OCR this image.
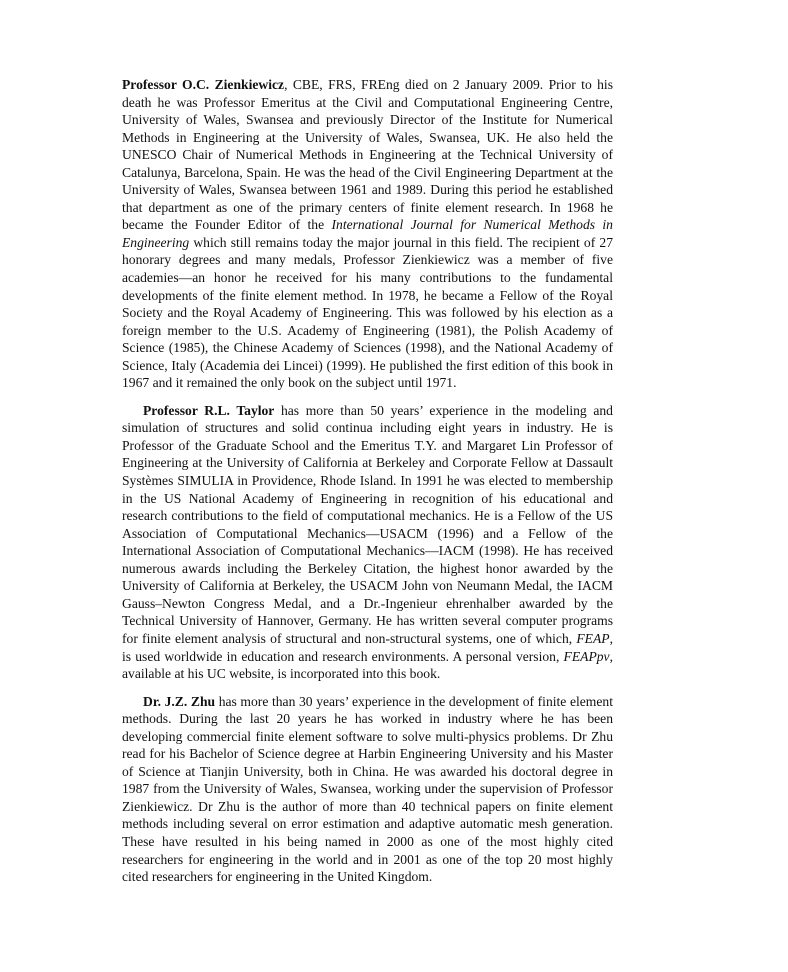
Professor O.C. Zienkiewicz, CBE, FRS, FREng died on 2 January 2009. Prior to his death he was Professor Emeritus at the Civil and Computational Engineering Centre, University of Wales, Swansea and previously Director of the Institute for Numerical Methods in Engineering at the University of Wales, Swansea, UK. He also held the UNESCO Chair of Numerical Methods in Engineering at the Technical University of Catalunya, Barcelona, Spain. He was the head of the Civil Engineering Department at the University of Wales, Swansea between 1961 and 1989. During this period he established that department as one of the primary centers of finite element research. In 1968 he became the Founder Editor of the International Journal for Numerical Methods in Engineering which still remains today the major journal in this field. The recipient of 27 honorary degrees and many medals, Professor Zienkiewicz was a member of five academies—an honor he received for his many contributions to the fundamental developments of the finite element method. In 1978, he became a Fellow of the Royal Society and the Royal Academy of Engineering. This was followed by his election as a foreign member to the U.S. Academy of Engineering (1981), the Polish Academy of Science (1985), the Chinese Academy of Sciences (1998), and the National Academy of Science, Italy (Academia dei Lincei) (1999). He published the first edition of this book in 1967 and it remained the only book on the subject until 1971.

Professor R.L. Taylor has more than 50 years’ experience in the modeling and simulation of structures and solid continua including eight years in industry. He is Professor of the Graduate School and the Emeritus T.Y. and Margaret Lin Professor of Engineering at the University of California at Berkeley and Corporate Fellow at Dassault Systèmes SIMULIA in Providence, Rhode Island. In 1991 he was elected to membership in the US National Academy of Engineering in recognition of his educational and research contributions to the field of computational mechanics. He is a Fellow of the US Association of Computational Mechanics—USACM (1996) and a Fellow of the International Association of Computational Mechanics—IACM (1998). He has received numerous awards including the Berkeley Citation, the highest honor awarded by the University of California at Berkeley, the USACM John von Neumann Medal, the IACM Gauss–Newton Congress Medal, and a Dr.-Ingenieur ehrenhalber awarded by the Technical University of Hannover, Germany. He has written several computer programs for finite element analysis of structural and non-structural systems, one of which, FEAP, is used worldwide in education and research environments. A personal version, FEAPpv, available at his UC website, is incorporated into this book.

Dr. J.Z. Zhu has more than 30 years’ experience in the development of finite element methods. During the last 20 years he has worked in industry where he has been developing commercial finite element software to solve multi-physics problems. Dr Zhu read for his Bachelor of Science degree at Harbin Engineering University and his Master of Science at Tianjin University, both in China. He was awarded his doctoral degree in 1987 from the University of Wales, Swansea, working under the supervision of Professor Zienkiewicz. Dr Zhu is the author of more than 40 technical papers on finite element methods including several on error estimation and adaptive automatic mesh generation. These have resulted in his being named in 2000 as one of the most highly cited researchers for engineering in the world and in 2001 as one of the top 20 most highly cited researchers for engineering in the United Kingdom.
